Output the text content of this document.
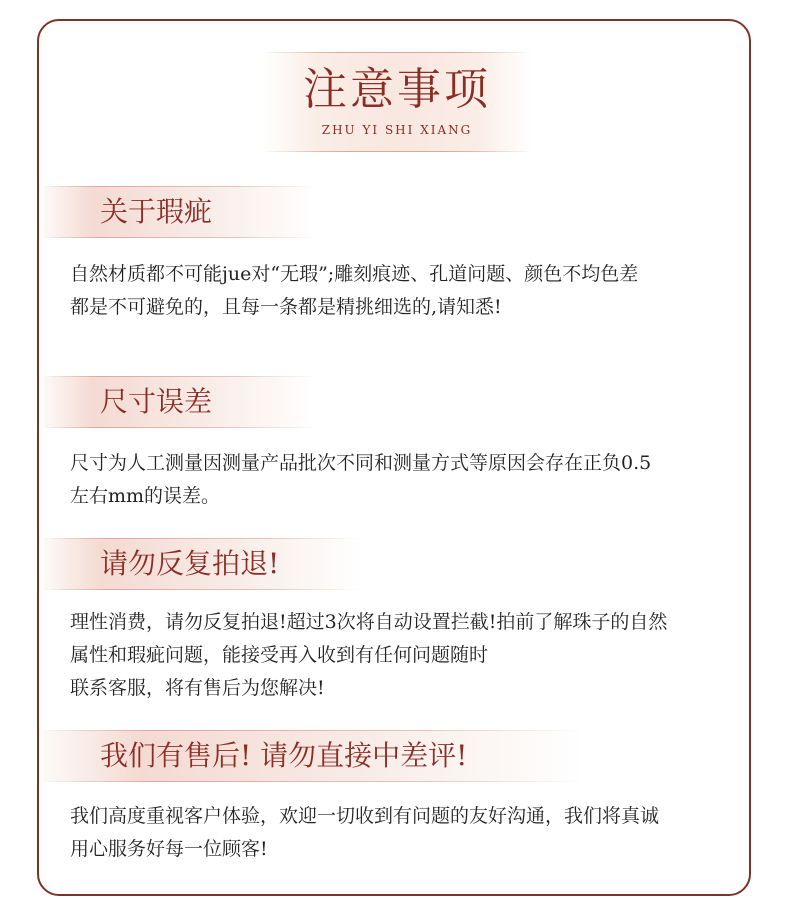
注意事项
ZHU YI SHI XIANG
关于瑕疵
自然材质都不可能jue对“无瑕”;雕刻痕迹、孔道问题、颜色不均色差
都是不可避免的，且每一条都是精挑细选的,请知悉!
尺寸误差
尺寸为人工测量因测量产品批次不同和测量方式等原因会存在正负0.5
左右mm的误差。
请勿反复拍退!
理性消费，请勿反复拍退!超过3次将自动设置拦截!拍前了解珠子的自然
属性和瑕疵问题，能接受再入收到有任何问题随时
联系客服，将有售后为您解决!
我们有售后! 请勿直接中差评!
我们高度重视客户体验，欢迎一切收到有问题的友好沟通，我们将真诚
用心服务好每一位顾客!
